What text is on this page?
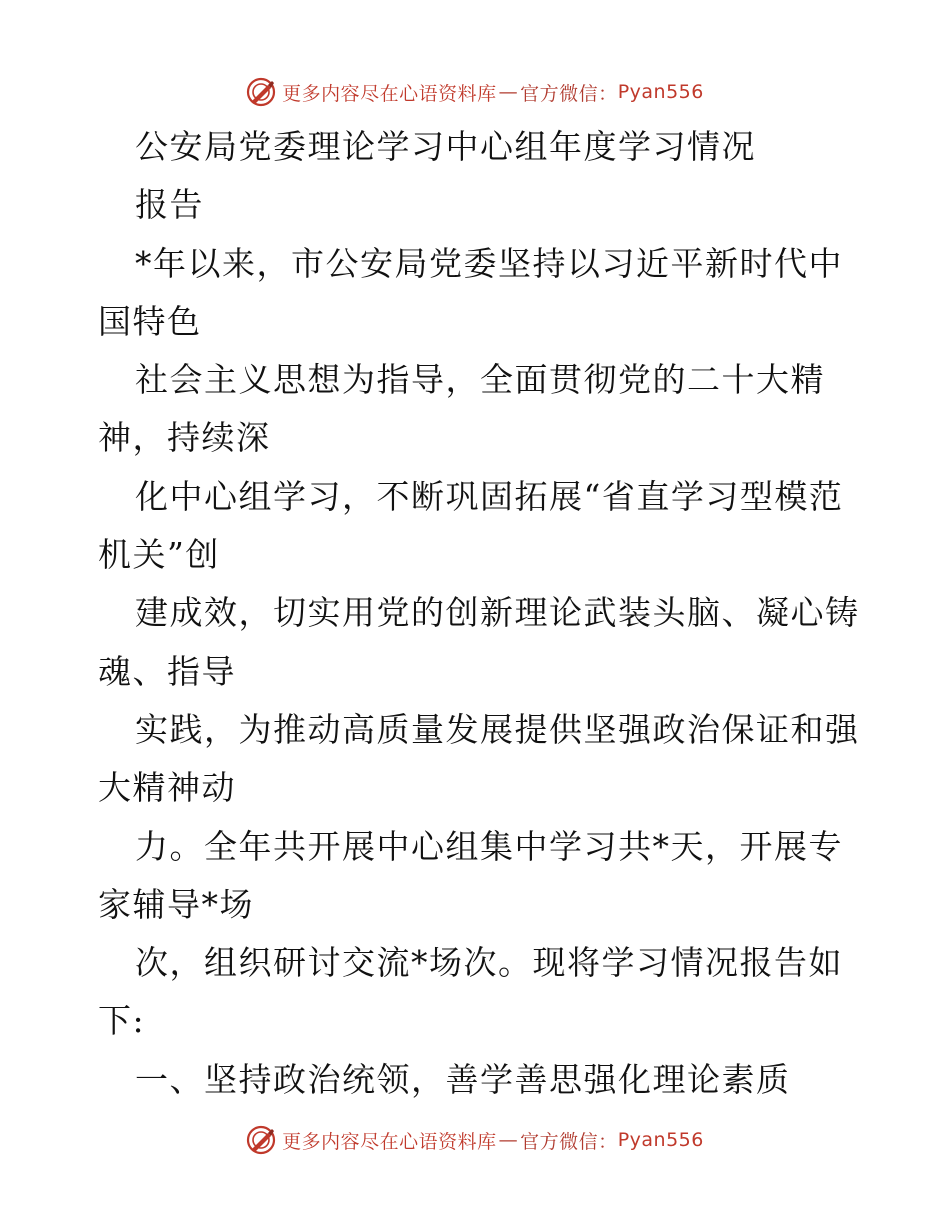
更多内容尽在心语资料库 — 官方微信： Pyan556
公安局党委理论学习中心组年度学习情况
报告
*年以来，市公安局党委坚持以习近平新时代中
国特色
社会主义思想为指导，全面贯彻党的二十大精
神，持续深
化中心组学习，不断巩固拓展“省直学习型模范
机关”创
建成效，切实用党的创新理论武装头脑、凝心铸
魂、指导
实践，为推动高质量发展提供坚强政治保证和强
大精神动
力。全年共开展中心组集中学习共*天，开展专
家辅导*场
次，组织研讨交流*场次。现将学习情况报告如
下:
一、坚持政治统领，善学善思强化理论素质
更多内容尽在心语资料库 — 官方微信： Pyan556
